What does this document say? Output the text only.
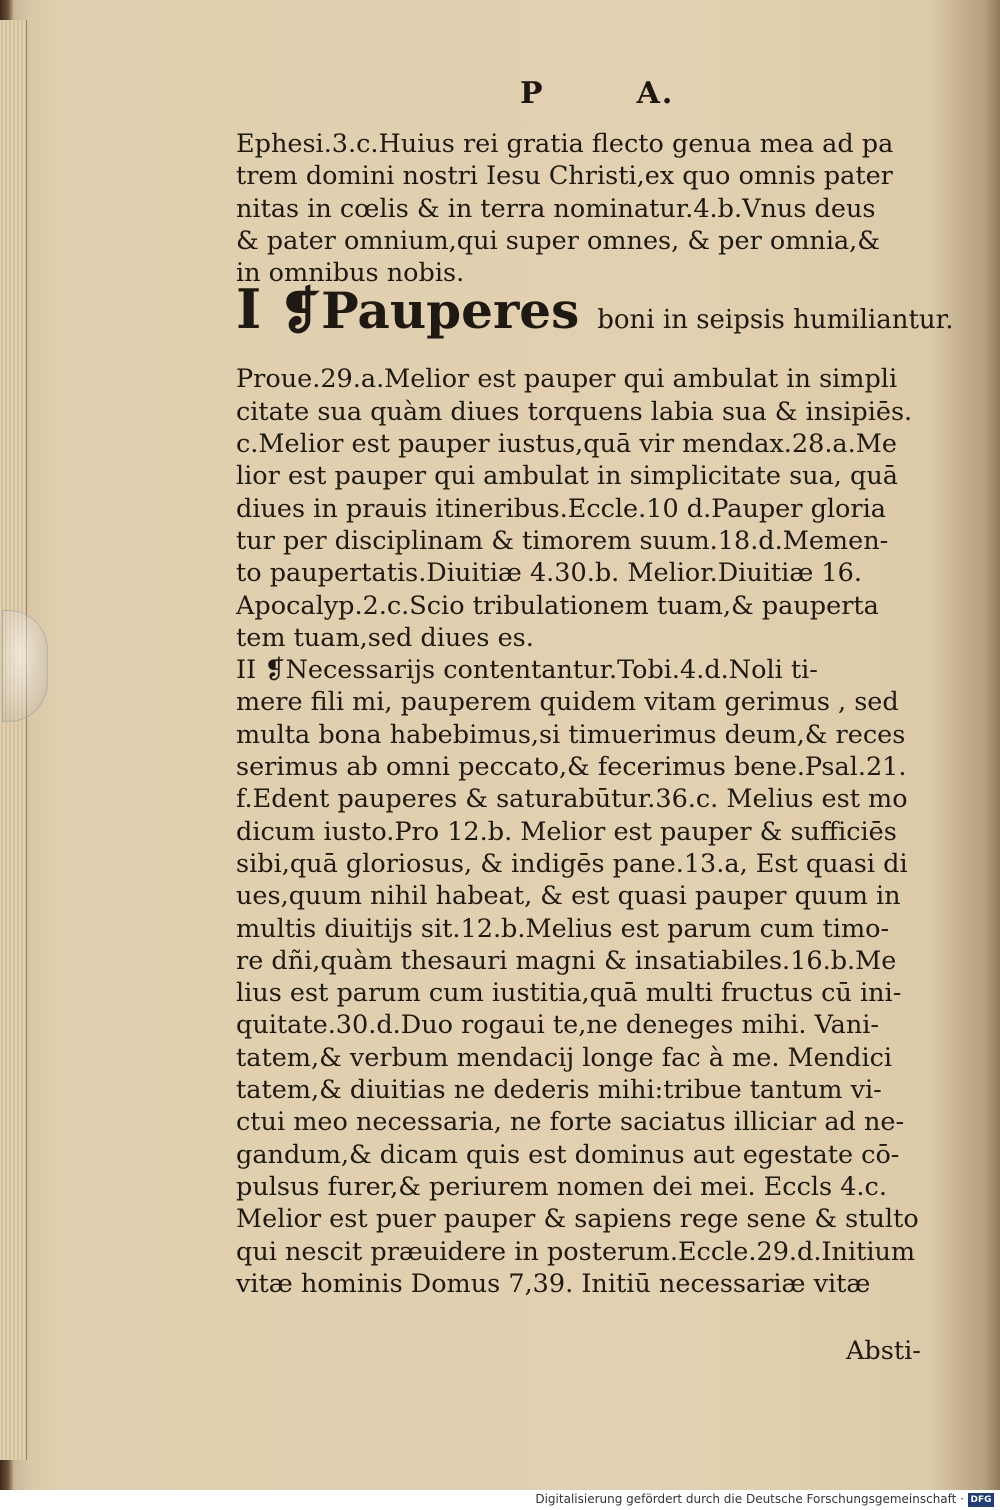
P	A.
Ephesi.3.c.Huius rei gratia flecto genua mea ad pa
trem domini nostri Iesu Christi,ex quo omnis pater
nitas in cœlis & in terra nominatur.4.b.Vnus deus
& pater omnium,qui super omnes, & per omnia,&
in omnibus nobis.
I ❡Pauperes boni in seipsis humiliantur.
Proue.29.a.Melior est pauper qui ambulat in simpli
citate sua quàm diues torquens labia sua & insipiēs.
c.Melior est pauper iustus,quā vir mendax.28.a.Me
lior est pauper qui ambulat in simplicitate sua, quā
diues in prauis itineribus.Eccle.10 d.Pauper gloria
tur per disciplinam & timorem suum.18.d.Memen-
to paupertatis.Diuitiæ 4.30.b. Melior.Diuitiæ 16.
Apocalyp.2.c.Scio tribulationem tuam,& pauperta
tem tuam,sed diues es.
II ❡Necessarijs contentantur.Tobi.4.d.Noli ti-
mere fili mi, pauperem quidem vitam gerimus , sed
multa bona habebimus,si timuerimus deum,& reces
serimus ab omni peccato,& fecerimus bene.Psal.21.
f.Edent pauperes & saturabūtur.36.c. Melius est mo
dicum iusto.Pro 12.b. Melior est pauper & sufficiēs
sibi,quā gloriosus, & indigēs pane.13.a, Est quasi di
ues,quum nihil habeat, & est quasi pauper quum in
multis diuitijs sit.12.b.Melius est parum cum timo-
re dñi,quàm thesauri magni & insatiabiles.16.b.Me
lius est parum cum iustitia,quā multi fructus cū ini-
quitate.30.d.Duo rogaui te,ne deneges mihi. Vani-
tatem,& verbum mendacij longe fac à me. Mendici
tatem,& diuitias ne dederis mihi:tribue tantum vi-
ctui meo necessaria, ne forte saciatus illiciar ad ne-
gandum,& dicam quis est dominus aut egestate cō-
pulsus furer,& periurem nomen dei mei. Eccls 4.c.
Melior est puer pauper & sapiens rege sene & stulto
qui nescit præuidere in posterum.Eccle.29.d.Initium
vitæ hominis Domus 7,39. Initiū necessariæ vitæ
Absti-
Digitalisierung gefördert durch die Deutsche Forschungsgemeinschaft · DFG
